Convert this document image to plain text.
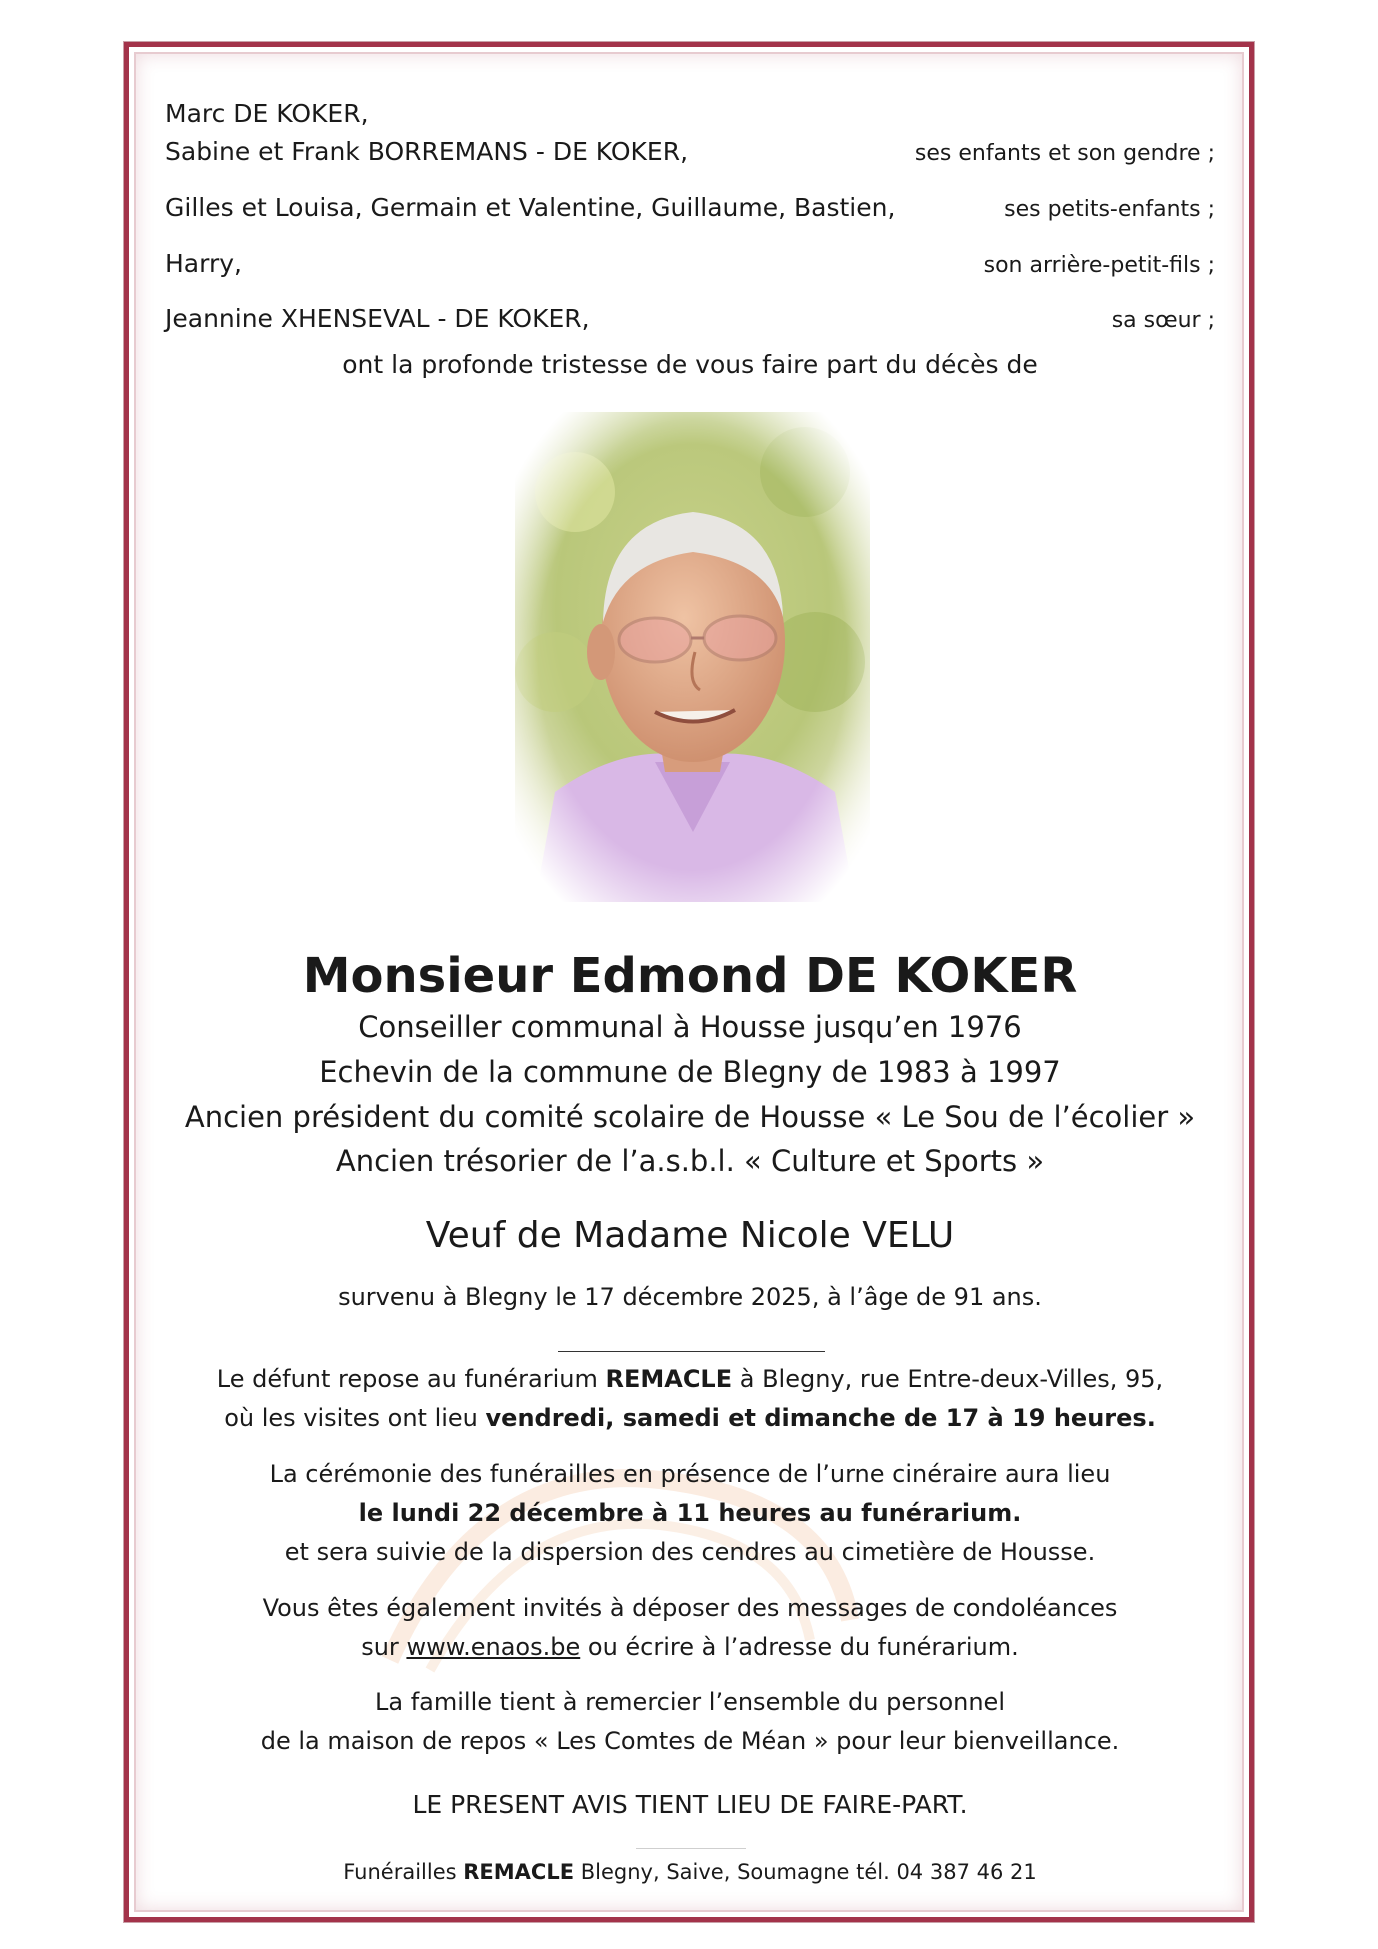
Marc DE KOKER,
Sabine et Frank BORREMANS - DE KOKER,	ses enfants et son gendre ;
Gilles et Louisa, Germain et Valentine, Guillaume, Bastien,	ses petits-enfants ;
Harry,	son arrière-petit-fils ;
Jeannine XHENSEVAL - DE KOKER,	sa sœur ;
ont la profonde tristesse de vous faire part du décès de
Monsieur Edmond DE KOKER
Conseiller communal à Housse jusqu’en 1976
Echevin de la commune de Blegny de 1983 à 1997
Ancien président du comité scolaire de Housse « Le Sou de l’écolier »
Ancien trésorier de l’a.s.b.l. « Culture et Sports »
Veuf de Madame Nicole VELU
survenu à Blegny le 17 décembre 2025, à l’âge de 91 ans.
Le défunt repose au funérarium REMACLE à Blegny, rue Entre-deux-Villes, 95,
où les visites ont lieu vendredi, samedi et dimanche de 17 à 19 heures.
La cérémonie des funérailles en présence de l’urne cinéraire aura lieu
le lundi 22 décembre à 11 heures au funérarium.
et sera suivie de la dispersion des cendres au cimetière de Housse.
Vous êtes également invités à déposer des messages de condoléances
sur www.enaos.be ou écrire à l’adresse du funérarium.
La famille tient à remercier l’ensemble du personnel
de la maison de repos « Les Comtes de Méan » pour leur bienveillance.
LE PRESENT AVIS TIENT LIEU DE FAIRE-PART.
Funérailles REMACLE Blegny, Saive, Soumagne tél. 04 387 46 21
